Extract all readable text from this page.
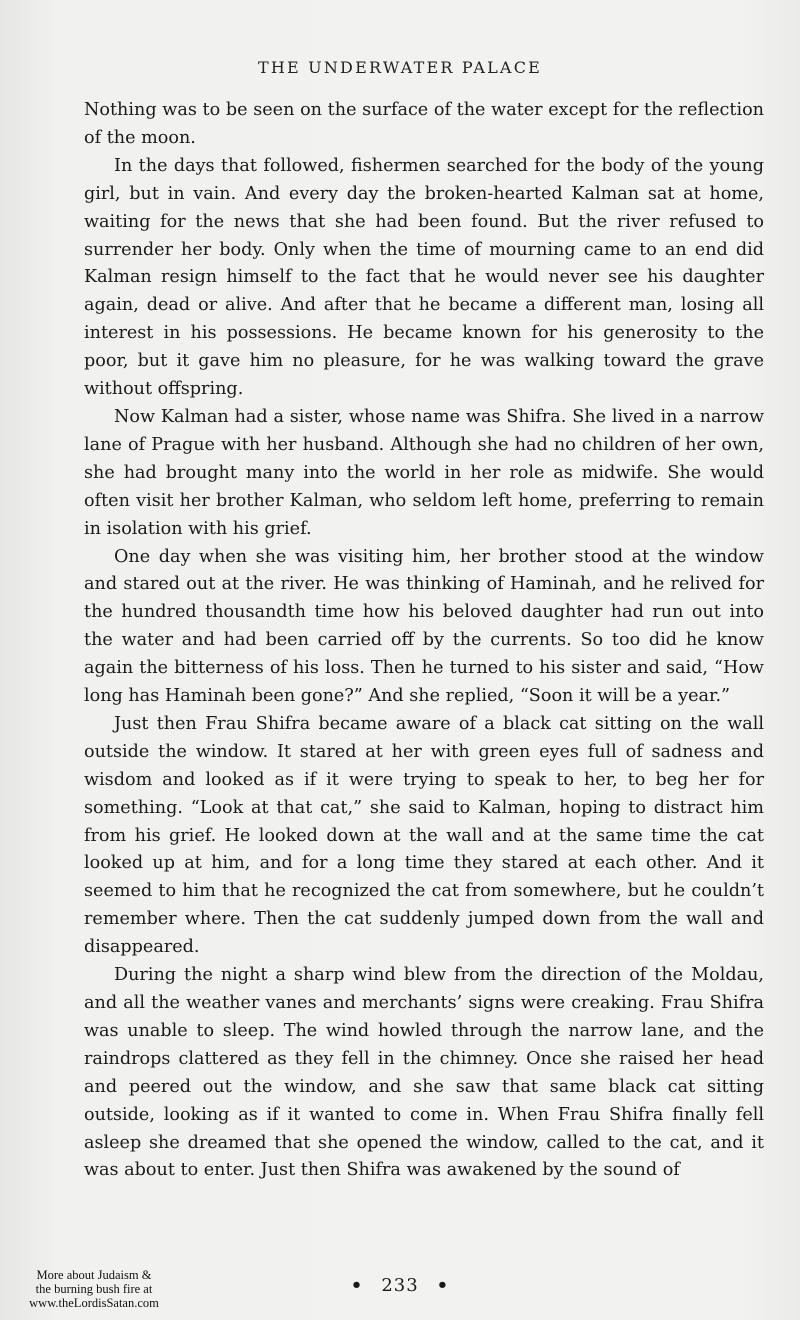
THE UNDERWATER PALACE

Nothing was to be seen on the surface of the water except for the reflection of the moon.

In the days that followed, fishermen searched for the body of the young girl, but in vain. And every day the broken-hearted Kalman sat at home, waiting for the news that she had been found. But the river refused to surrender her body. Only when the time of mourning came to an end did Kalman resign himself to the fact that he would never see his daughter again, dead or alive. And after that he became a different man, losing all interest in his possessions. He became known for his generosity to the poor, but it gave him no pleasure, for he was walking toward the grave without offspring.

Now Kalman had a sister, whose name was Shifra. She lived in a narrow lane of Prague with her husband. Although she had no children of her own, she had brought many into the world in her role as midwife. She would often visit her brother Kalman, who seldom left home, preferring to remain in isolation with his grief.

One day when she was visiting him, her brother stood at the window and stared out at the river. He was thinking of Haminah, and he relived for the hundred thousandth time how his beloved daughter had run out into the water and had been carried off by the currents. So too did he know again the bitterness of his loss. Then he turned to his sister and said, “How long has Haminah been gone?” And she replied, “Soon it will be a year.”

Just then Frau Shifra became aware of a black cat sitting on the wall outside the window. It stared at her with green eyes full of sadness and wisdom and looked as if it were trying to speak to her, to beg her for something. “Look at that cat,” she said to Kalman, hoping to distract him from his grief. He looked down at the wall and at the same time the cat looked up at him, and for a long time they stared at each other. And it seemed to him that he recognized the cat from somewhere, but he couldn’t remember where. Then the cat suddenly jumped down from the wall and disappeared.

During the night a sharp wind blew from the direction of the Moldau, and all the weather vanes and merchants’ signs were creaking. Frau Shifra was unable to sleep. The wind howled through the narrow lane, and the raindrops clattered as they fell in the chimney. Once she raised her head and peered out the window, and she saw that same black cat sitting outside, looking as if it wanted to come in. When Frau Shifra finally fell asleep she dreamed that she opened the window, called to the cat, and it was about to enter. Just then Shifra was awakened by the sound of

• 233 •
More about Judaism &
the burning bush fire at
www.theLordisSatan.com
